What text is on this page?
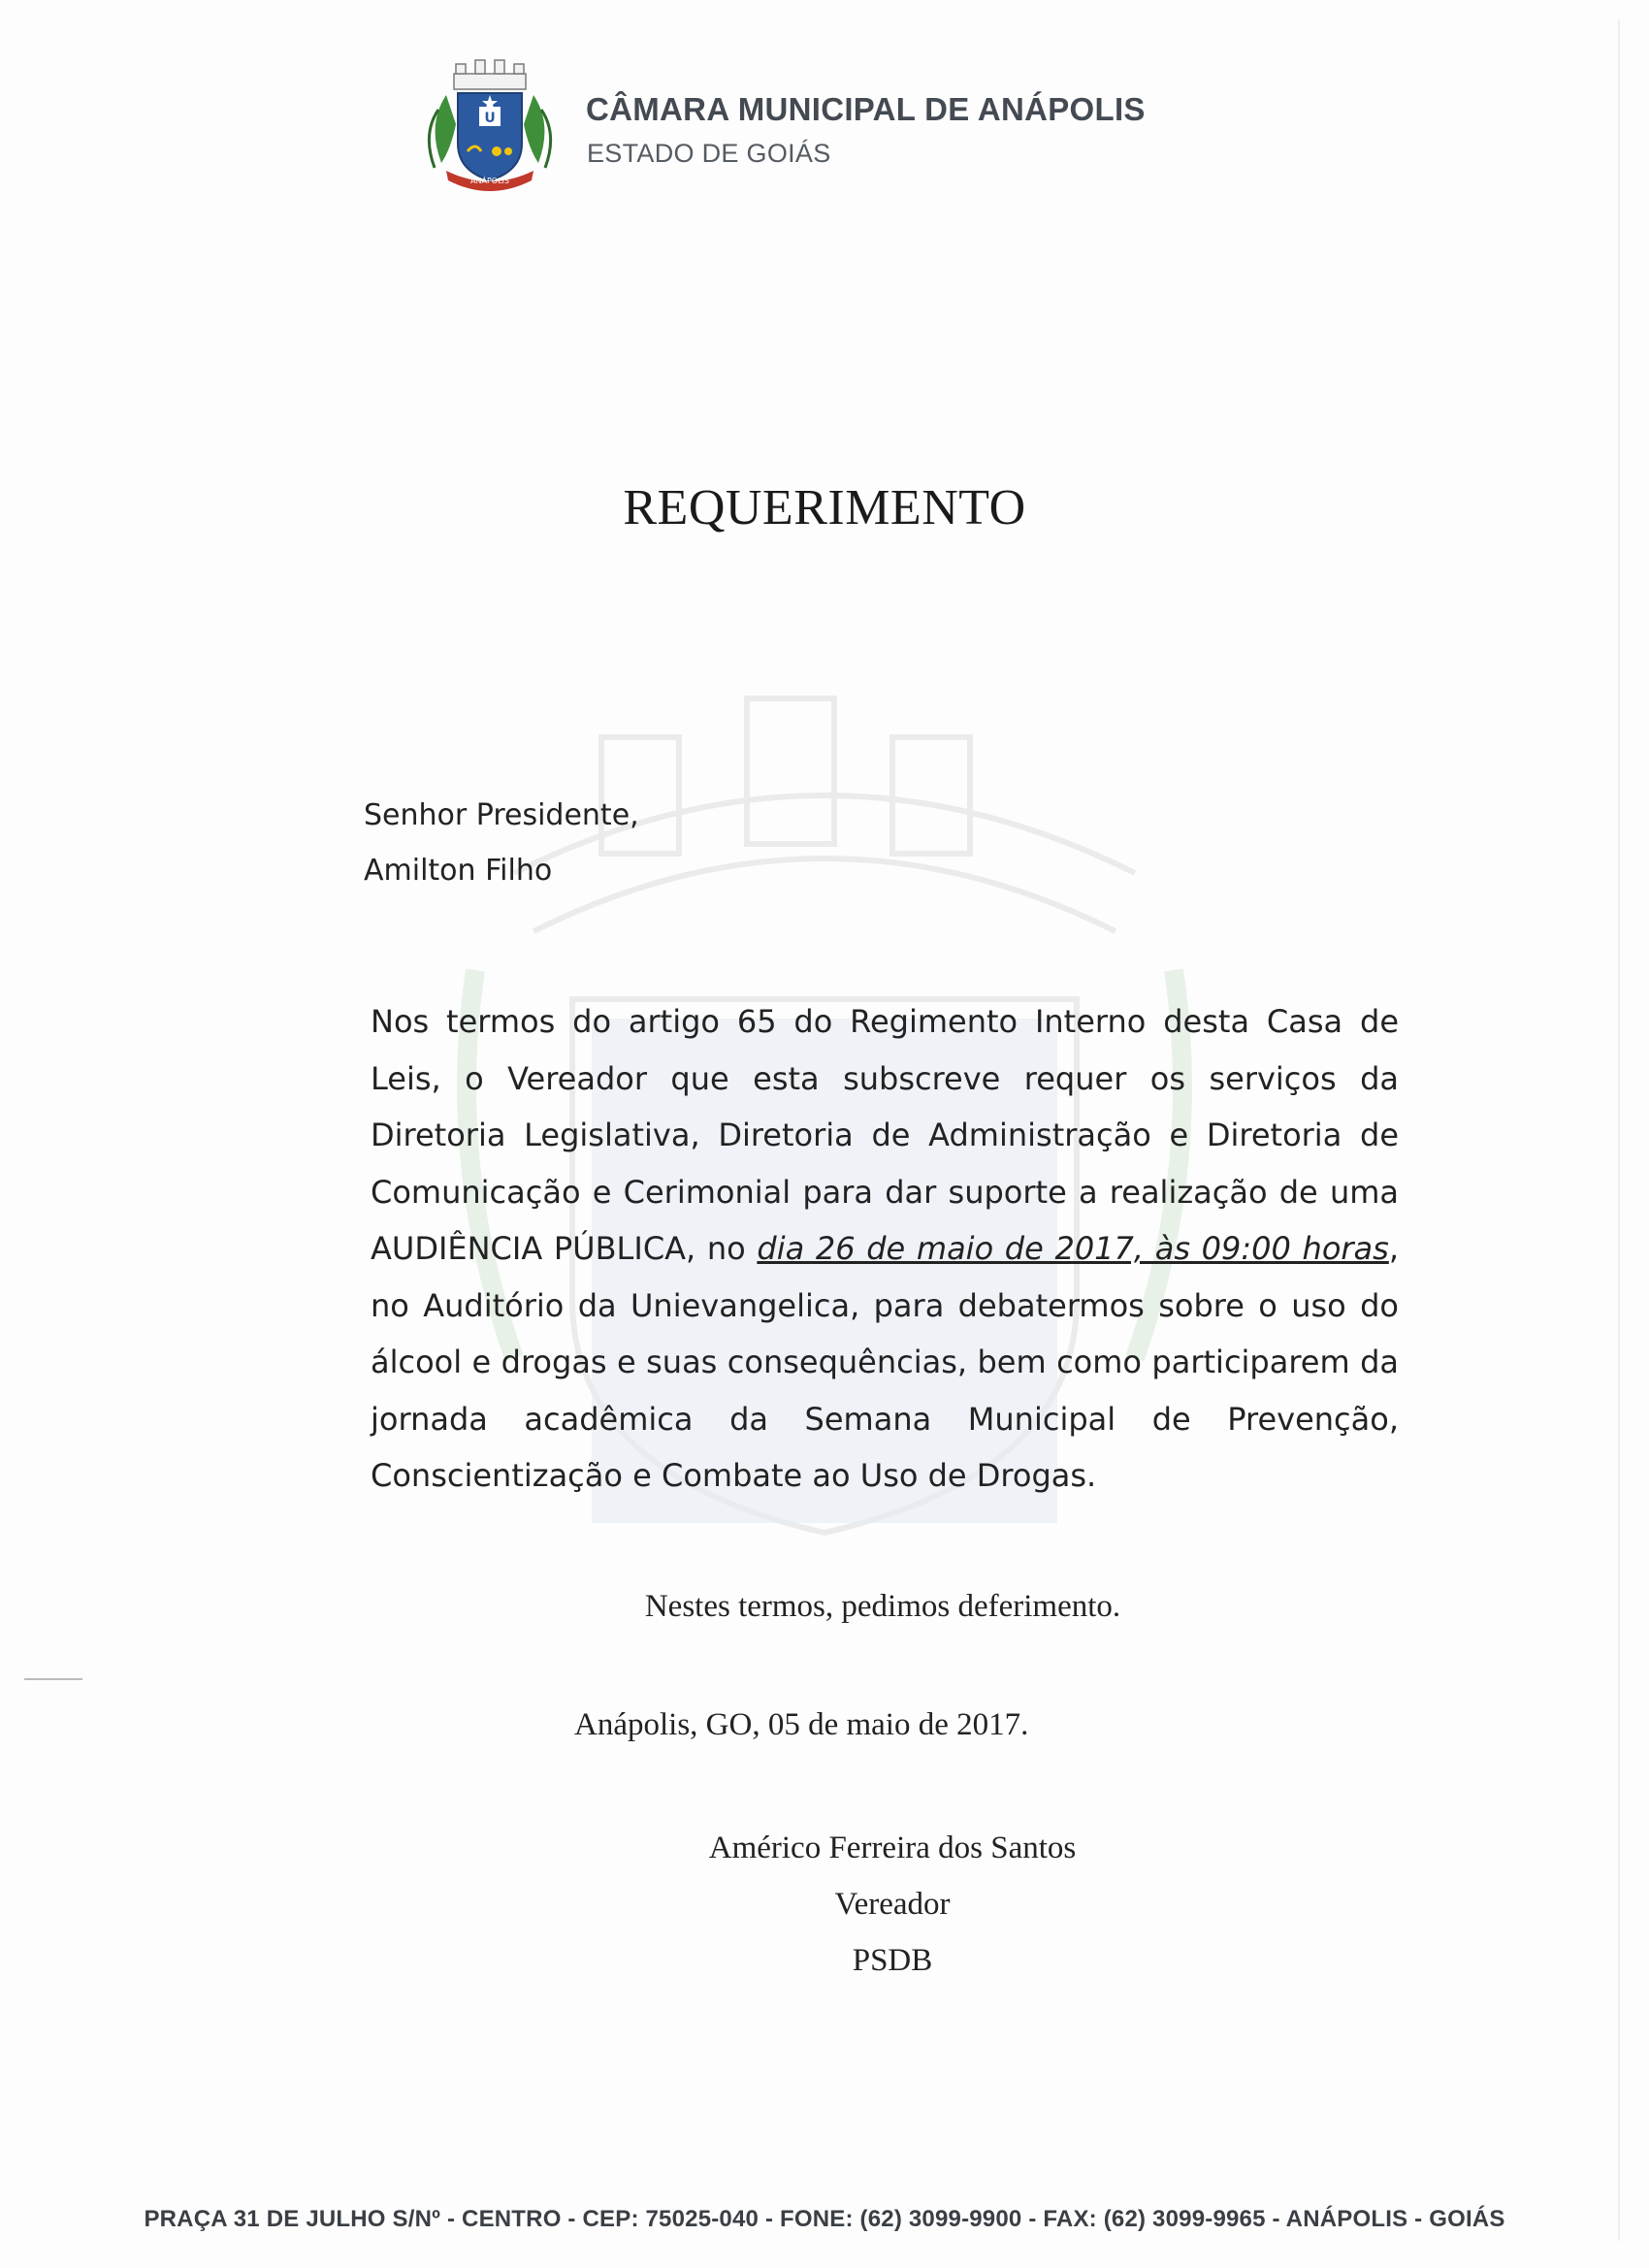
U
ANÁPOLIS
CÂMARA MUNICIPAL DE ANÁPOLIS
ESTADO DE GOIÁS
REQUERIMENTO
Senhor Presidente,
Amilton Filho
Nos termos do artigo 65 do Regimento Interno desta Casa de Leis, o Vereador que esta subscreve requer os serviços da Diretoria Legislativa, Diretoria de Administração e Diretoria de Comunicação e Cerimonial para dar suporte a realização de uma AUDIÊNCIA PÚBLICA, no dia 26 de maio de 2017, às 09:00 horas, no Auditório da Unievangelica, para debatermos sobre o uso do álcool e drogas e suas consequências, bem como participarem da jornada acadêmica da Semana Municipal de Prevenção, Conscientização e Combate ao Uso de Drogas.
Nestes termos, pedimos deferimento.
Anápolis, GO, 05 de maio de 2017.
Américo Ferreira dos Santos
Vereador
PSDB
PRAÇA 31 DE JULHO S/Nº - CENTRO - CEP: 75025-040 - FONE: (62) 3099-9900 - FAX: (62) 3099-9965 - ANÁPOLIS - GOIÁS
